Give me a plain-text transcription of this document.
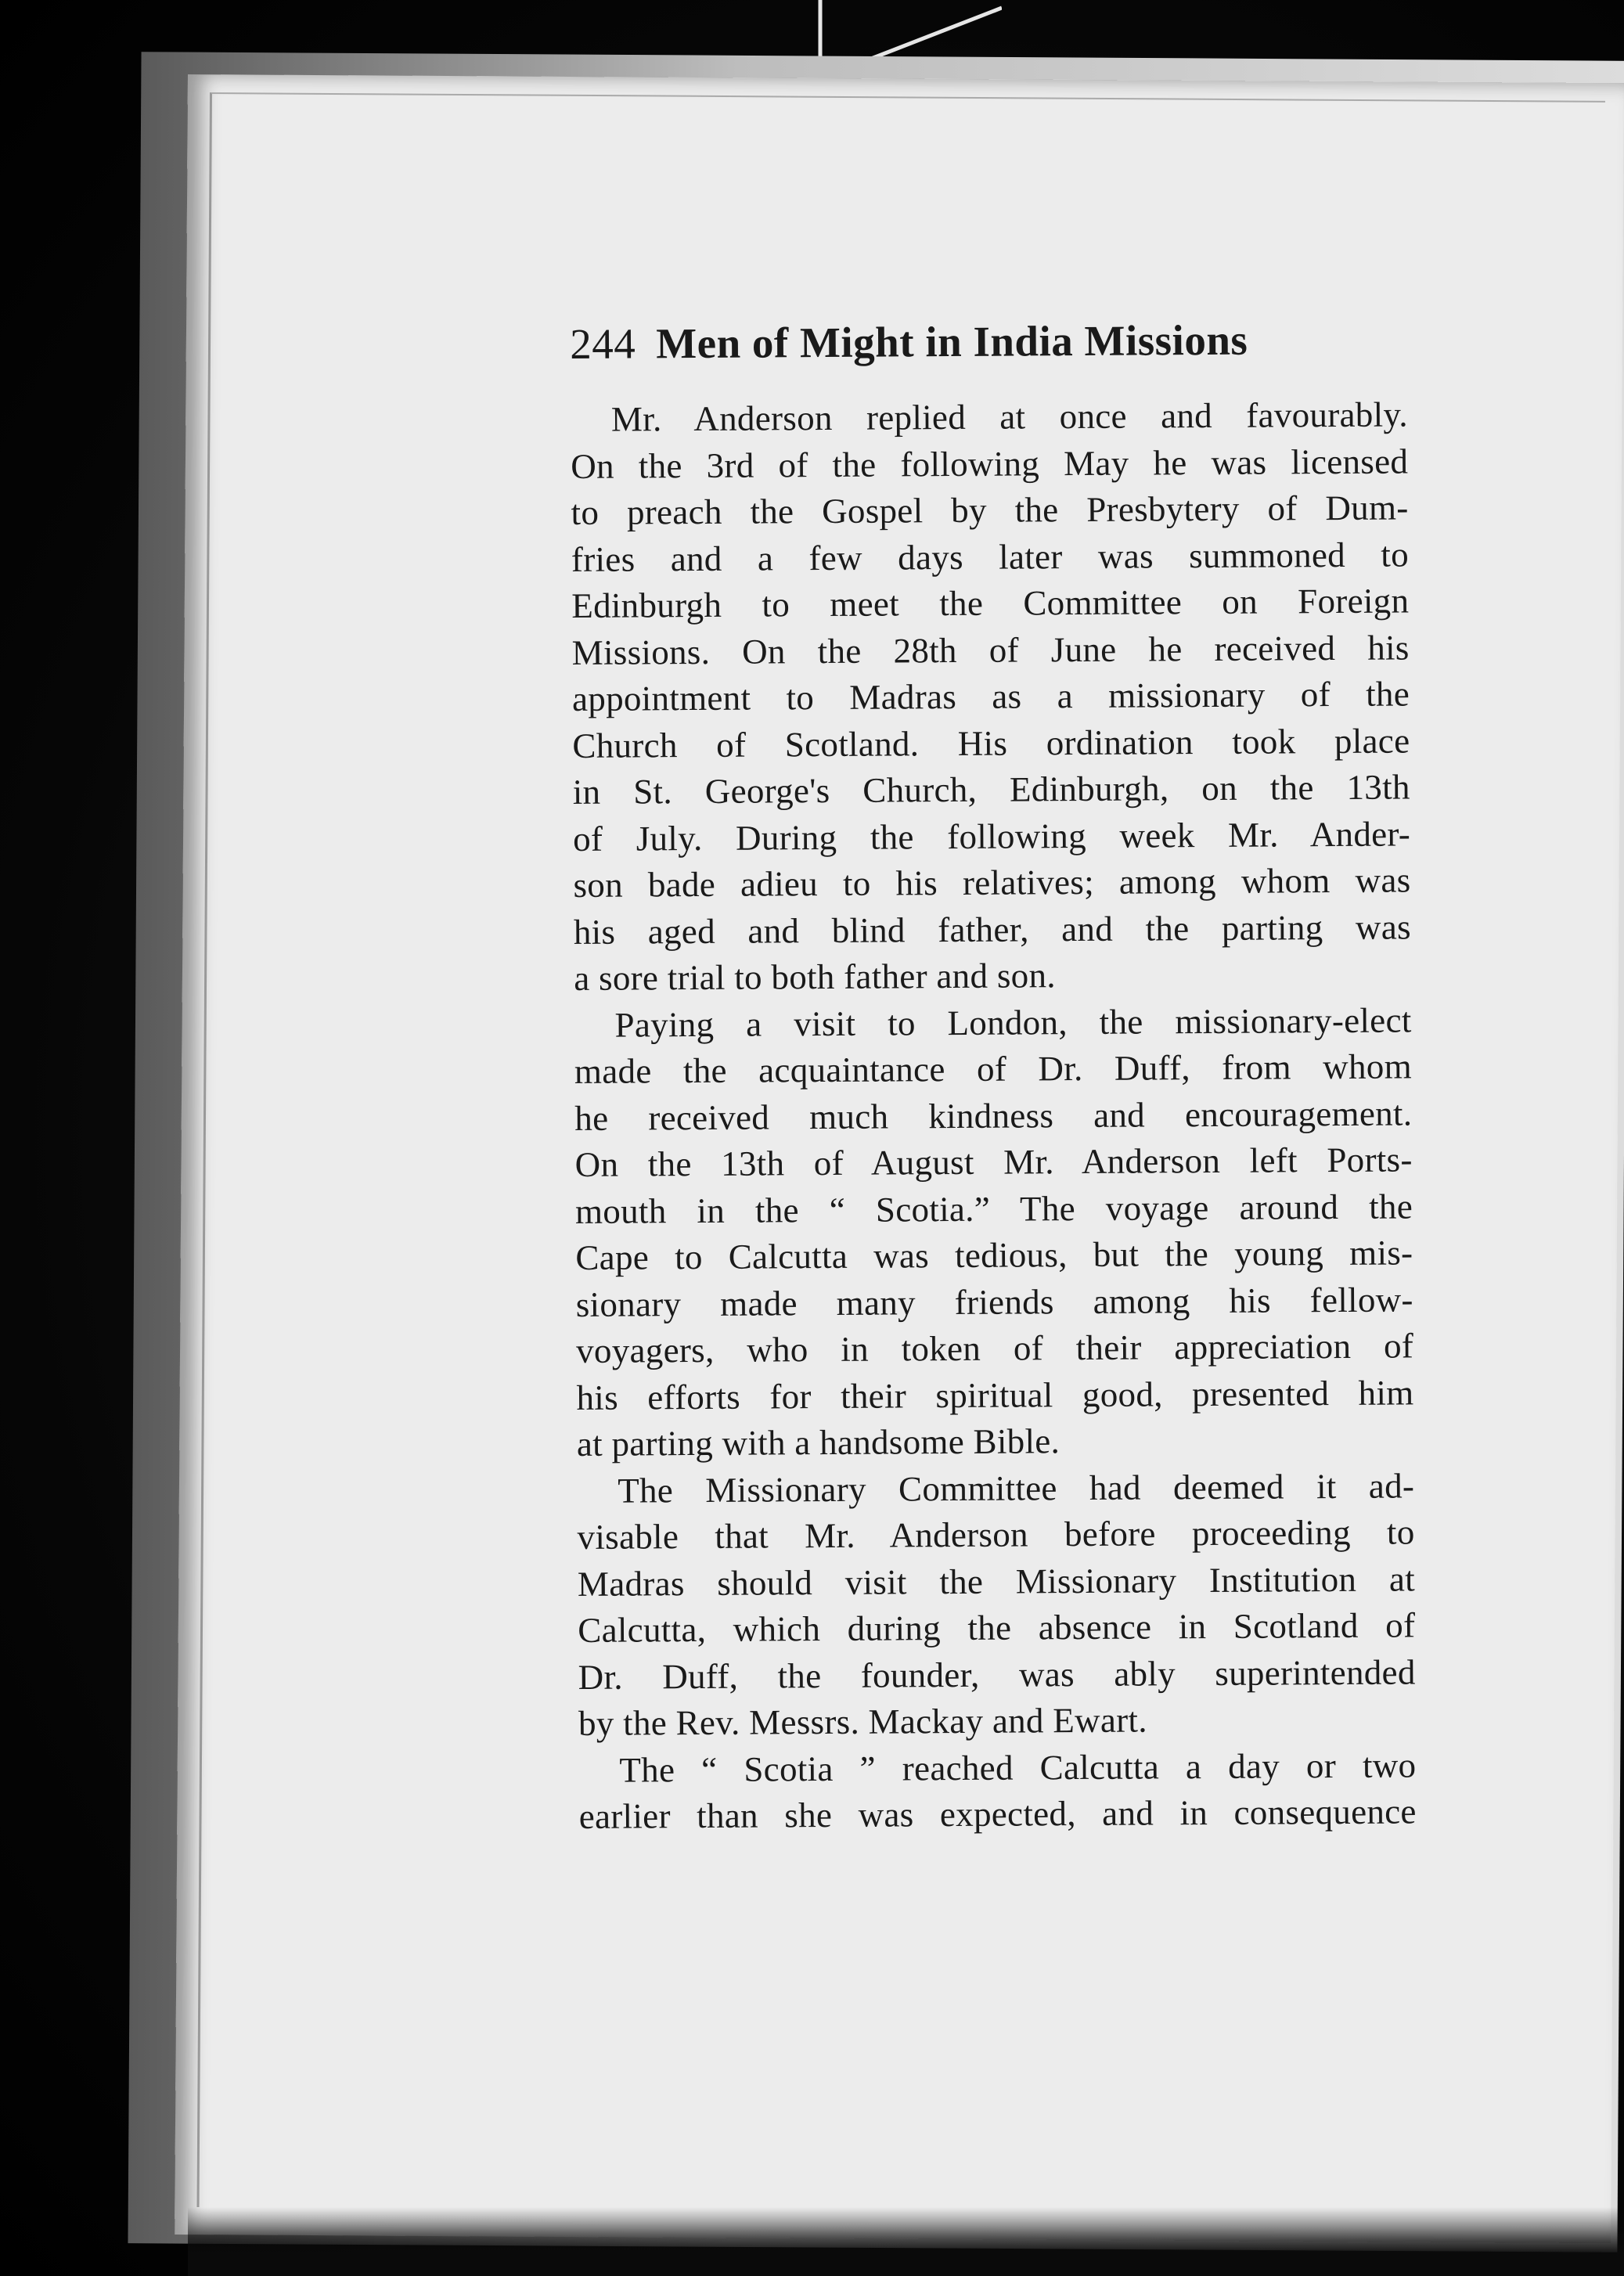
244 Men of Might in India Missions
Mr. Anderson replied at once and favourably.
On the 3rd of the following May he was licensed
to preach the Gospel by the Presbytery of Dum-
fries and a few days later was summoned to
Edinburgh to meet the Committee on Foreign
Missions. On the 28th of June he received his
appointment to Madras as a missionary of the
Church of Scotland. His ordination took place
in St. George's Church, Edinburgh, on the 13th
of July. During the following week Mr. Ander-
son bade adieu to his relatives; among whom was
his aged and blind father, and the parting was
a sore trial to both father and son.
Paying a visit to London, the missionary-elect
made the acquaintance of Dr. Duff, from whom
he received much kindness and encouragement.
On the 13th of August Mr. Anderson left Ports-
mouth in the “ Scotia.” The voyage around the
Cape to Calcutta was tedious, but the young mis-
sionary made many friends among his fellow-
voyagers, who in token of their appreciation of
his efforts for their spiritual good, presented him
at parting with a handsome Bible.
The Missionary Committee had deemed it ad-
visable that Mr. Anderson before proceeding to
Madras should visit the Missionary Institution at
Calcutta, which during the absence in Scotland of
Dr. Duff, the founder, was ably superintended
by the Rev. Messrs. Mackay and Ewart.
The “ Scotia ” reached Calcutta a day or two
earlier than she was expected, and in consequence
